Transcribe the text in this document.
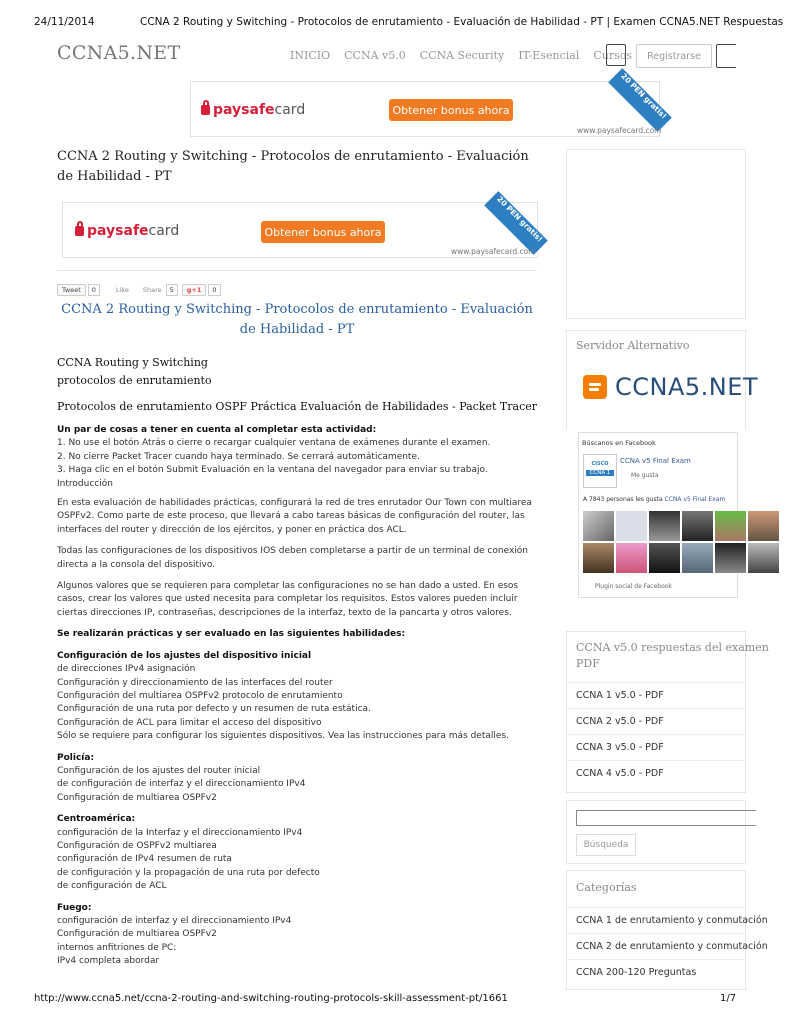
24/11/2014	CCNA 2 Routing y Switching - Protocolos de enrutamiento - Evaluación de Habilidad - PT | Examen CCNA5.NET Respuestas
CCNA5.NET	INICIO CCNA v5.0 CCNA Security IT-Esencial Cursos	Registrarse
paysafe card	Obtener bonus ahora	20 PEN gratis!
www.paysafecard.com
CCNA 2 Routing y Switching - Protocolos de enrutamiento - Evaluación de Habilidad - PT
paysafe card	Obtener bonus ahora	20 PEN gratis!
www.paysafecard.com
Tweet	0	Like Share	5	g+1	0
CCNA 2 Routing y Switching - Protocolos de enrutamiento - Evaluación de Habilidad - PT
CCNA Routing y Switching
protocolos de enrutamiento
Protocolos de enrutamiento OSPF Práctica Evaluación de Habilidades - Packet Tracer

Un par de cosas a tener en cuenta al completar esta actividad:
1. No use el botón Atrás o cierre o recargar cualquier ventana de exámenes durante el examen.
2. No cierre Packet Tracer cuando haya terminado. Se cerrará automáticamente.
3. Haga clic en el botón Submit Evaluación en la ventana del navegador para enviar su trabajo.
Introducción

En esta evaluación de habilidades prácticas, configurará la red de tres enrutador Our Town con multiarea OSPFv2. Como parte de este proceso, que llevará a cabo tareas básicas de configuración del router, las interfaces del router y dirección de los ejércitos, y poner en práctica dos ACL.

Todas las configuraciones de los dispositivos IOS deben completarse a partir de un terminal de conexión directa a la consola del dispositivo.

Algunos valores que se requieren para completar las configuraciones no se han dado a usted. En esos casos, crear los valores que usted necesita para completar los requisitos. Estos valores pueden incluir ciertas direcciones IP, contraseñas, descripciones de la interfaz, texto de la pancarta y otros valores.

Se realizarán prácticas y ser evaluado en las siguientes habilidades:

Configuración de los ajustes del dispositivo inicial
de direcciones IPv4 asignación
Configuración y direccionamiento de las interfaces del router
Configuración del multiarea OSPFv2 protocolo de enrutamiento
Configuración de una ruta por defecto y un resumen de ruta estática.
Configuración de ACL para limitar el acceso del dispositivo
Sólo se requiere para configurar los siguientes dispositivos. Vea las instrucciones para más detalles.

Policía:
Configuración de los ajustes del router inicial
de configuración de interfaz y el direccionamiento IPv4
Configuración de multiarea OSPFv2

Centroamérica:
configuración de la Interfaz y el direccionamiento IPv4
Configuración de OSPFv2 multiarea
configuración de IPv4 resumen de ruta
de configuración y la propagación de una ruta por defecto
de configuración de ACL

Fuego:
configuración de interfaz y el direccionamiento IPv4
Configuración de multiarea OSPFv2
internos anfitriones de PC:
IPv4 completa abordar

Servidor Alternativo
CCNA5.NET
Búscanos en Facebook
CISCO
CCNA 1
CCNA v5 Final Exam
Me gusta
A 7843 personas les gusta CCNA v5 Final Exam
Plugin social de Facebook
CCNA v5.0 respuestas del examen PDF
CCNA 1 v5.0 - PDF
CCNA 2 v5.0 - PDF
CCNA 3 v5.0 - PDF
CCNA 4 v5.0 - PDF
Búsqueda
Categorías
CCNA 1 de enrutamiento y conmutación
CCNA 2 de enrutamiento y conmutación
CCNA 200-120 Preguntas
http://www.ccna5.net/ccna-2-routing-and-switching-routing-protocols-skill-assessment-pt/1661	1/7
